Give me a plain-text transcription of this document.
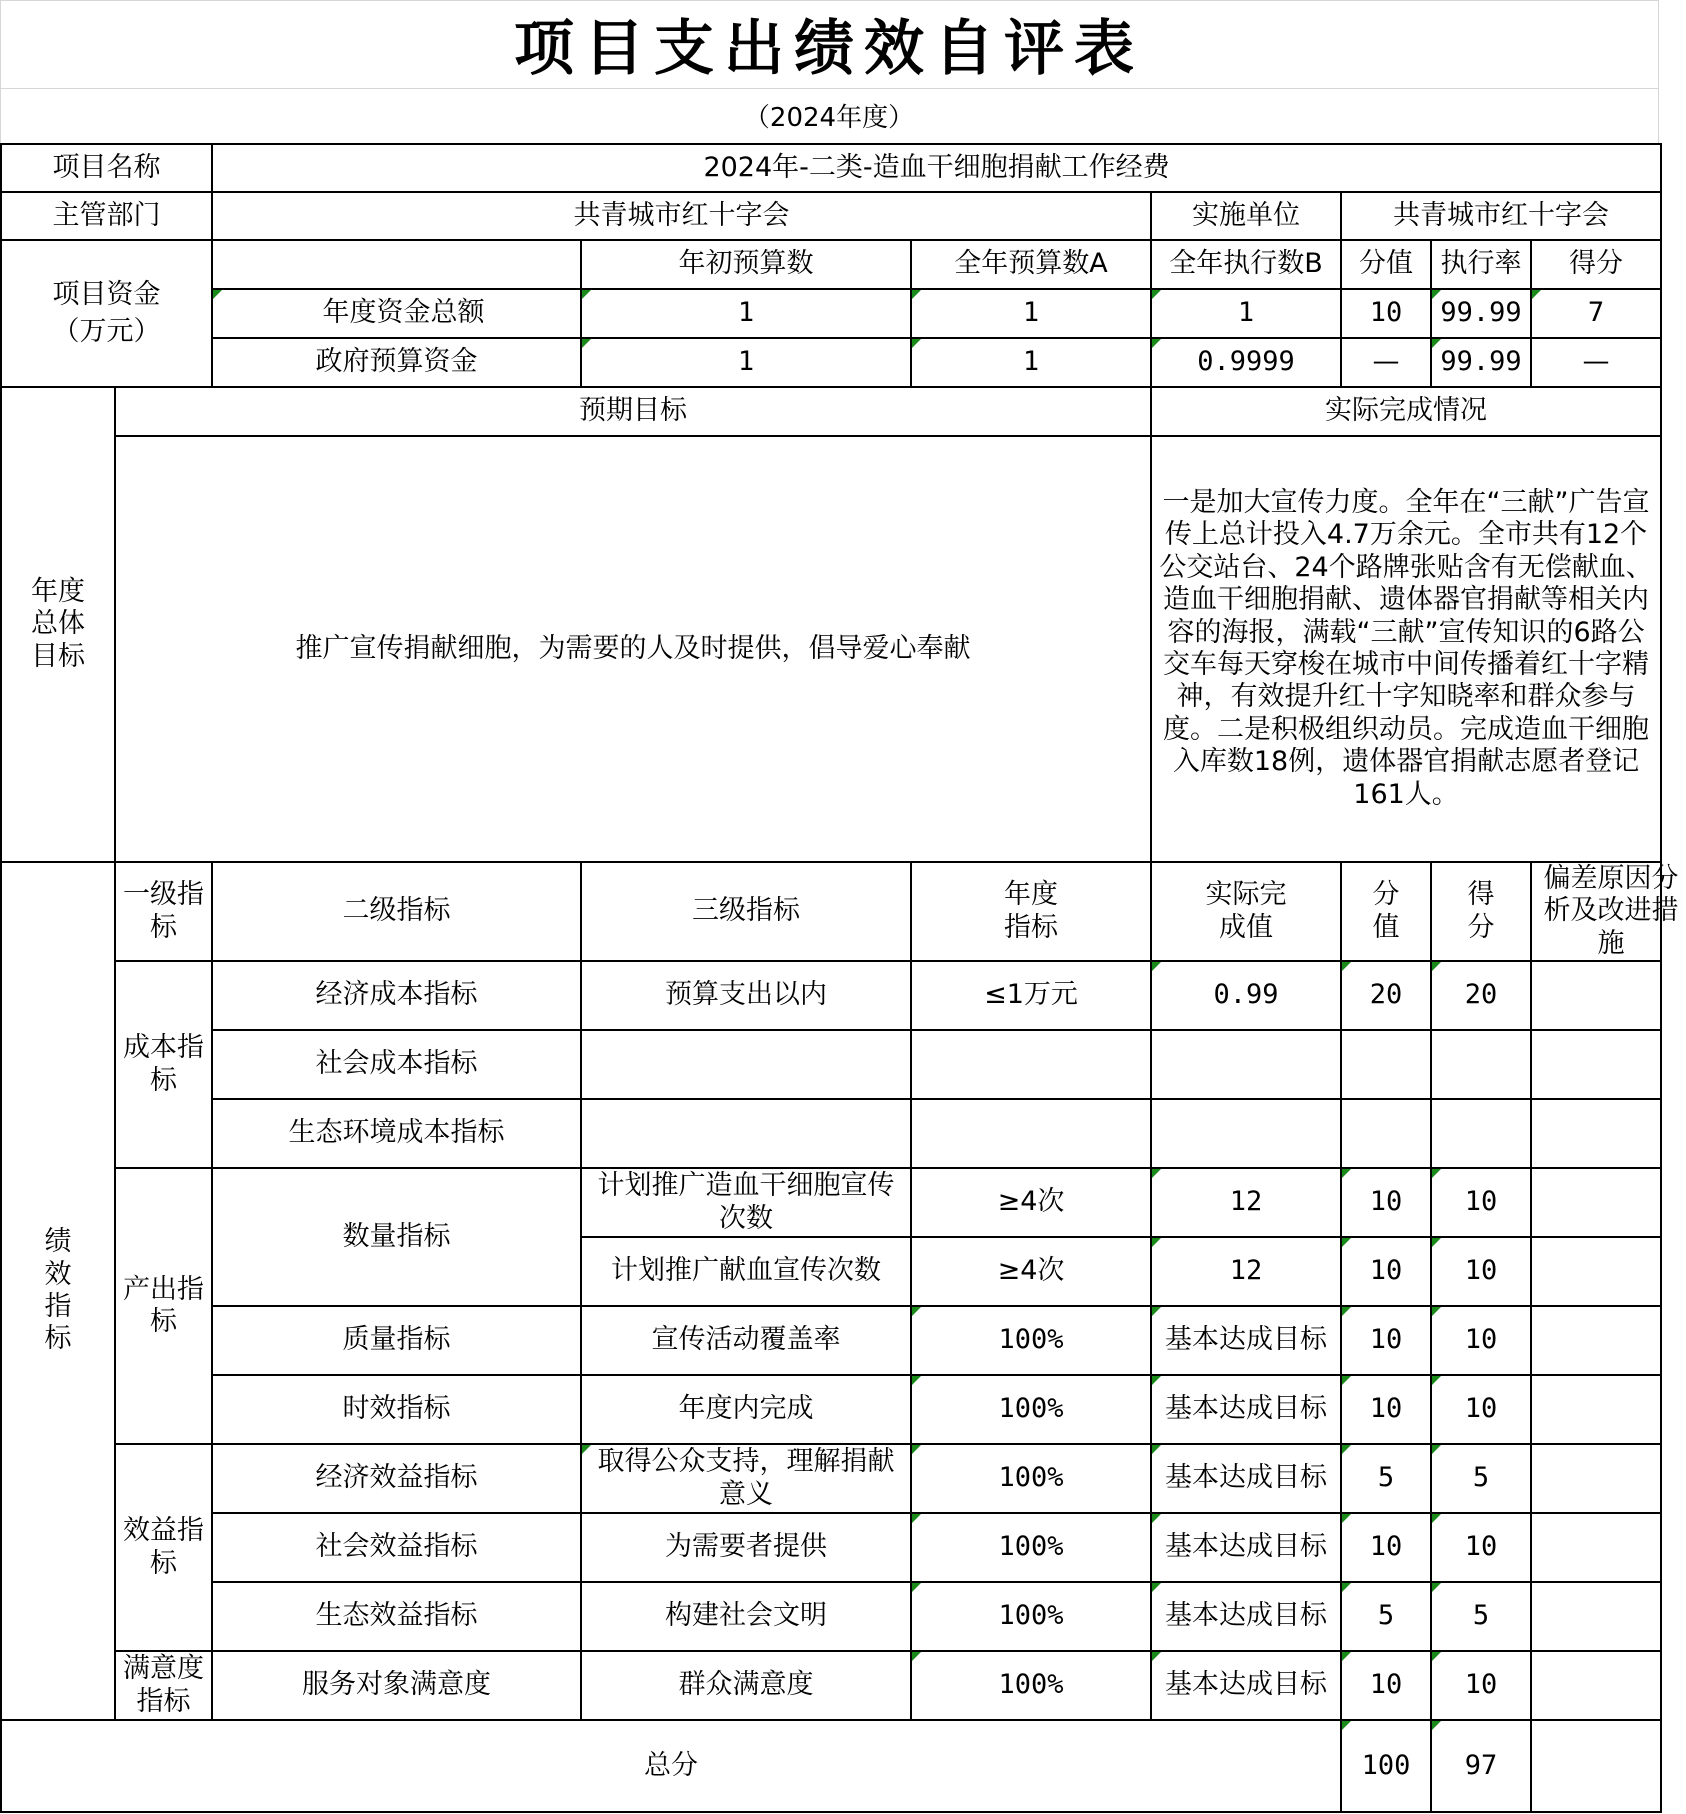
项目支出绩效自评表
（2024年度）
项目名称		2024年-二类-造血干细胞捐献工作经费						
主管部门		共青城市红十字会			实施单位	共青城市红十字会		

项目资金（万元）			年初预算数	全年预算数A	全年执行数B	分值	执行率	得分
		年度资金总额	1	1	1	10	99.99	7
		政府预算资金	1	1	0.9999	—	99.99	—

年度总体目标	预期目标				实际完成情况			
	推广宣传捐献细胞，为需要的人及时提供，倡导爱心奉献				一是加大宣传力度。全年在“三献”广告宣传上总计投入4.7万余元。全市共有12个公交站台、24个路牌张贴含有无偿献血、造血干细胞捐献、遗体器官捐献等相关内容的海报，满载“三献”宣传知识的6路公交车每天穿梭在城市中间传播着红十字精神，有效提升红十字知晓率和群众参与度。二是积极组织动员。完成造血干细胞入库数18例，遗体器官捐献志愿者登记161人。			

绩效指标	一级指标	二级指标	三级指标	年度指标	实际完成值	分值	得分	偏差原因分析及改进措施

	成本指标	经济成本指标	预算支出以内	≤1万元	0.99	20	20	
		社会成本指标						
		生态环境成本指标						
	产出指标	数量指标	计划推广造血干细胞宣传次数	≥4次	12	10	10	
			计划推广献血宣传次数	≥4次	12	10	10	
		质量指标	宣传活动覆盖率	100%	基本达成目标	10	10	
		时效指标	年度内完成	100%	基本达成目标	10	10	
	效益指标	经济效益指标	取得公众支持，理解捐献意义	100%	基本达成目标	5	5	
		社会效益指标	为需要者提供	100%	基本达成目标	10	10	
		生态效益指标	构建社会文明	100%	基本达成目标	5	5	
	满意度指标	服务对象满意度	群众满意度	100%	基本达成目标	10	10	
总分						100	97	
